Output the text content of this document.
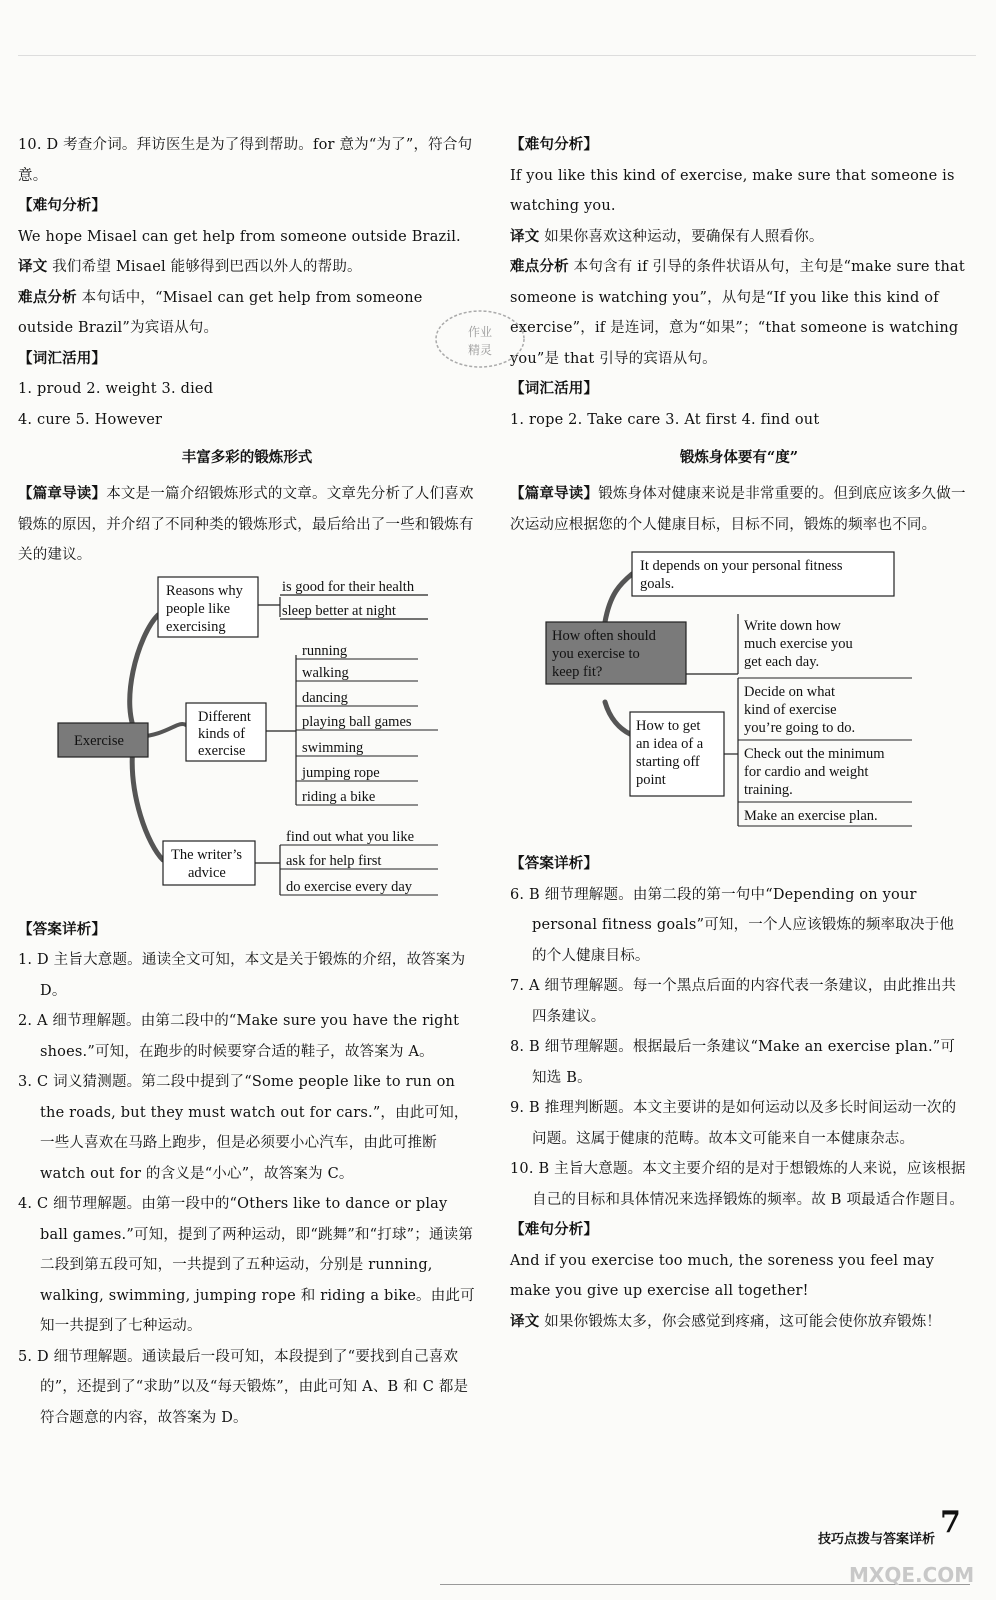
10. D 考查介词。拜访医生是为了得到帮助。for 意为“为了”，符合句意。

【难句分析】

We hope Misael can get help from someone outside Brazil.

译文 我们希望 Misael 能够得到巴西以外人的帮助。

难点分析 本句话中，“Misael can get help from someone outside Brazil”为宾语从句。

【词汇活用】

1. proud 2. weight 3. died

4. cure 5. However

丰富多彩的锻炼形式

【篇章导读】本文是一篇介绍锻炼形式的文章。文章先分析了人们喜欢锻炼的原因，并介绍了不同种类的锻炼形式，最后给出了一些和锻炼有关的建议。

Exercise
Reasons why
people like
exercising
is good for their health
sleep better at night
Different
kinds of
exercise
running
walking
dancing
playing ball games
swimming
jumping rope
riding a bike
The writer’s
advice
find out what you like
ask for help first
do exercise every day

【答案详析】

1. D 主旨大意题。通读全文可知，本文是关于锻炼的介绍，故答案为 D。

2. A 细节理解题。由第二段中的“Make sure you have the right shoes.”可知，在跑步的时候要穿合适的鞋子，故答案为 A。

3. C 词义猜测题。第二段中提到了“Some people like to run on the roads, but they must watch out for cars.”，由此可知，一些人喜欢在马路上跑步，但是必须要小心汽车，由此可推断 watch out for 的含义是“小心”，故答案为 C。

4. C 细节理解题。由第一段中的“Others like to dance or play ball games.”可知，提到了两种运动，即“跳舞”和“打球”；通读第二段到第五段可知，一共提到了五种运动，分别是 running, walking, swimming, jumping rope 和 riding a bike。由此可知一共提到了七种运动。

5. D 细节理解题。通读最后一段可知，本段提到了“要找到自己喜欢的”，还提到了“求助”以及“每天锻炼”，由此可知 A、B 和 C 都是符合题意的内容，故答案为 D。

【难句分析】

If you like this kind of exercise, make sure that someone is watching you.

译文 如果你喜欢这种运动，要确保有人照看你。

难点分析 本句含有 if 引导的条件状语从句，主句是“make sure that someone is watching you”，从句是“If you like this kind of exercise”，if 是连词，意为“如果”；“that someone is watching you”是 that 引导的宾语从句。

【词汇活用】

1. rope 2. Take care 3. At first 4. find out

锻炼身体要有“度”

【篇章导读】锻炼身体对健康来说是非常重要的。但到底应该多久做一次运动应根据您的个人健康目标，目标不同，锻炼的频率也不同。

It depends on your personal fitness
goals.
How often should
you exercise to
keep fit?
Write down how
much exercise you
get each day.
How to get
an idea of a
starting off
point
Decide on what
kind of exercise
you’re going to do.
Check out the minimum
for cardio and weight
training.
Make an exercise plan.

【答案详析】

6. B 细节理解题。由第二段的第一句中“Depending on your personal fitness goals”可知，一个人应该锻炼的频率取决于他的个人健康目标。

7. A 细节理解题。每一个黑点后面的内容代表一条建议，由此推出共四条建议。

8. B 细节理解题。根据最后一条建议“Make an exercise plan.”可知选 B。

9. B 推理判断题。本文主要讲的是如何运动以及多长时间运动一次的问题。这属于健康的范畴。故本文可能来自一本健康杂志。

10. B 主旨大意题。本文主要介绍的是对于想锻炼的人来说，应该根据自己的目标和具体情况来选择锻炼的频率。故 B 项最适合作题目。

【难句分析】

And if you exercise too much, the soreness you feel may make you give up exercise all together!

译文 如果你锻炼太多，你会感觉到疼痛，这可能会使你放弃锻炼！

作业
精灵
技巧点拨与答案详析 7
MXQE.COM
